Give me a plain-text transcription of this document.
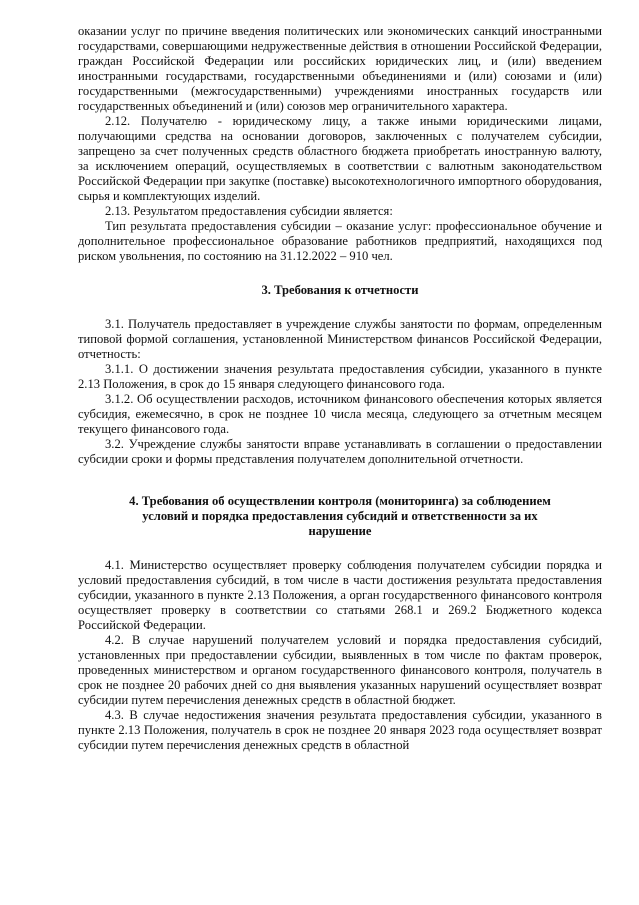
оказании услуг по причине введения политических или экономических санкций иностранными государствами, совершающими недружественные действия в отношении Российской Федерации, граждан Российской Федерации или российских юридических лиц, и (или) введением иностранными государствами, государственными объединениями и (или) союзами и (или) государственными (межгосударственными) учреждениями иностранных государств или государственных объединений и (или) союзов мер ограничительного характера.

2.12. Получателю - юридическому лицу, а также иными юридическими лицами, получающими средства на основании договоров, заключенных с получателем субсидии, запрещено за счет полученных средств областного бюджета приобретать иностранную валюту, за исключением операций, осуществляемых в соответствии с валютным законодательством Российской Федерации при закупке (поставке) высокотехнологичного импортного оборудования, сырья и комплектующих изделий.

2.13. Результатом предоставления субсидии является:

Тип результата предоставления субсидии – оказание услуг: профессиональное обучение и дополнительное профессиональное образование работников предприятий, находящихся под риском увольнения, по состоянию на 31.12.2022 – 910 чел.

3. Требования к отчетности

3.1. Получатель предоставляет в учреждение службы занятости по формам, определенным типовой формой соглашения, установленной Министерством финансов Российской Федерации, отчетность:

3.1.1. О достижении значения результата предоставления субсидии, указанного в пункте 2.13 Положения, в срок до 15 января следующего финансового года.

3.1.2. Об осуществлении расходов, источником финансового обеспечения которых является субсидия, ежемесячно, в срок не позднее 10 числа месяца, следующего за отчетным месяцем текущего финансового года.

3.2. Учреждение службы занятости вправе устанавливать в соглашении о предоставлении субсидии сроки и формы представления получателем дополнительной отчетности.

4. Требования об осуществлении контроля (мониторинга) за соблюдением

условий и порядка предоставления субсидий и ответственности за их

нарушение

4.1. Министерство осуществляет проверку соблюдения получателем субсидии порядка и условий предоставления субсидий, в том числе в части достижения результата предоставления субсидии, указанного в пункте 2.13 Положения, а орган государственного финансового контроля осуществляет проверку в соответствии со статьями 268.1 и 269.2 Бюджетного кодекса Российской Федерации.

4.2. В случае нарушений получателем условий и порядка предоставления субсидий, установленных при предоставлении субсидии, выявленных в том числе по фактам проверок, проведенных министерством и органом государственного финансового контроля, получатель в срок не позднее 20 рабочих дней со дня выявления указанных нарушений осуществляет возврат субсидии путем перечисления денежных средств в областной бюджет.

4.3. В случае недостижения значения результата предоставления субсидии, указанного в пункте 2.13 Положения, получатель в срок не позднее 20 января 2023 года осуществляет возврат субсидии путем перечисления денежных средств в областной
